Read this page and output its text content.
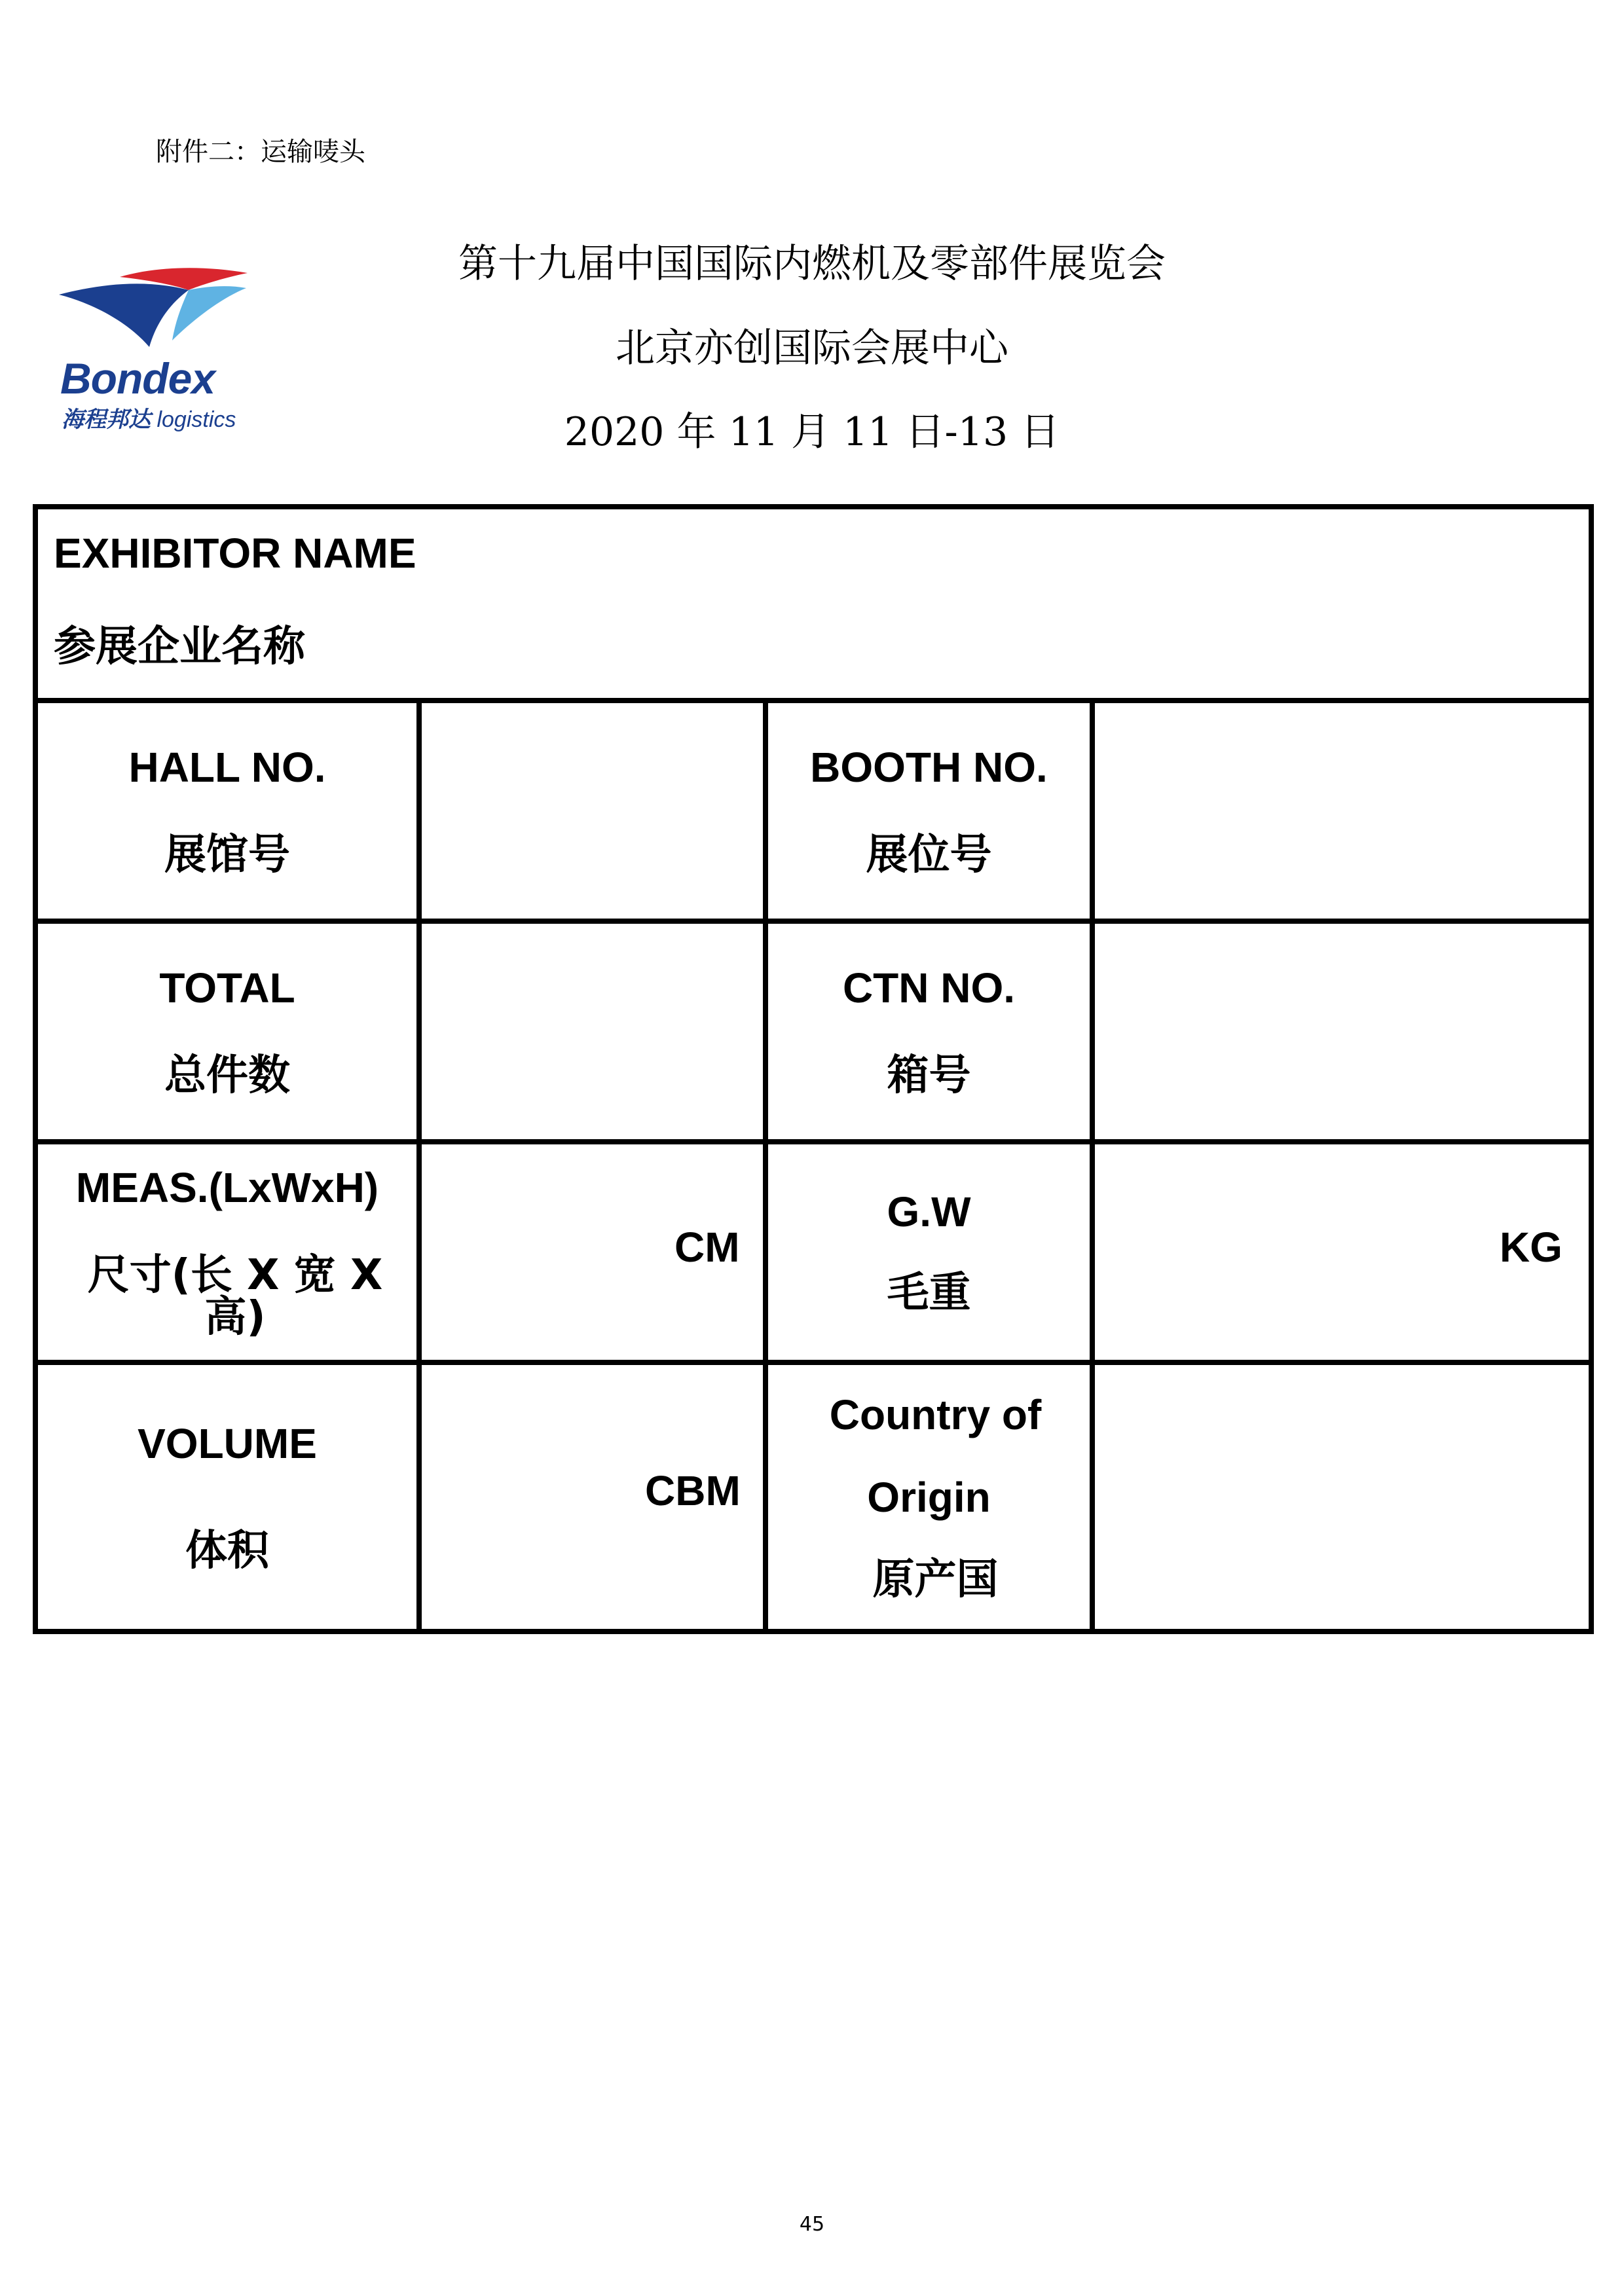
附件二：运输唛头
Bondex
海程邦达 logistics
第十九届中国国际内燃机及零部件展览会
北京亦创国际会展中心
2020 年 11 月 11 日-13 日
EXHIBITOR NAME
参展企业名称
HALL NO.
展馆号
BOOTH NO.
展位号
TOTAL
总件数
CTN NO.
箱号
MEAS.(LxWxH)
尺寸(长 X 宽 X 高)
CM
G.W
毛重
KG
VOLUME
体积
CBM
Country of
Origin
原产国
45
